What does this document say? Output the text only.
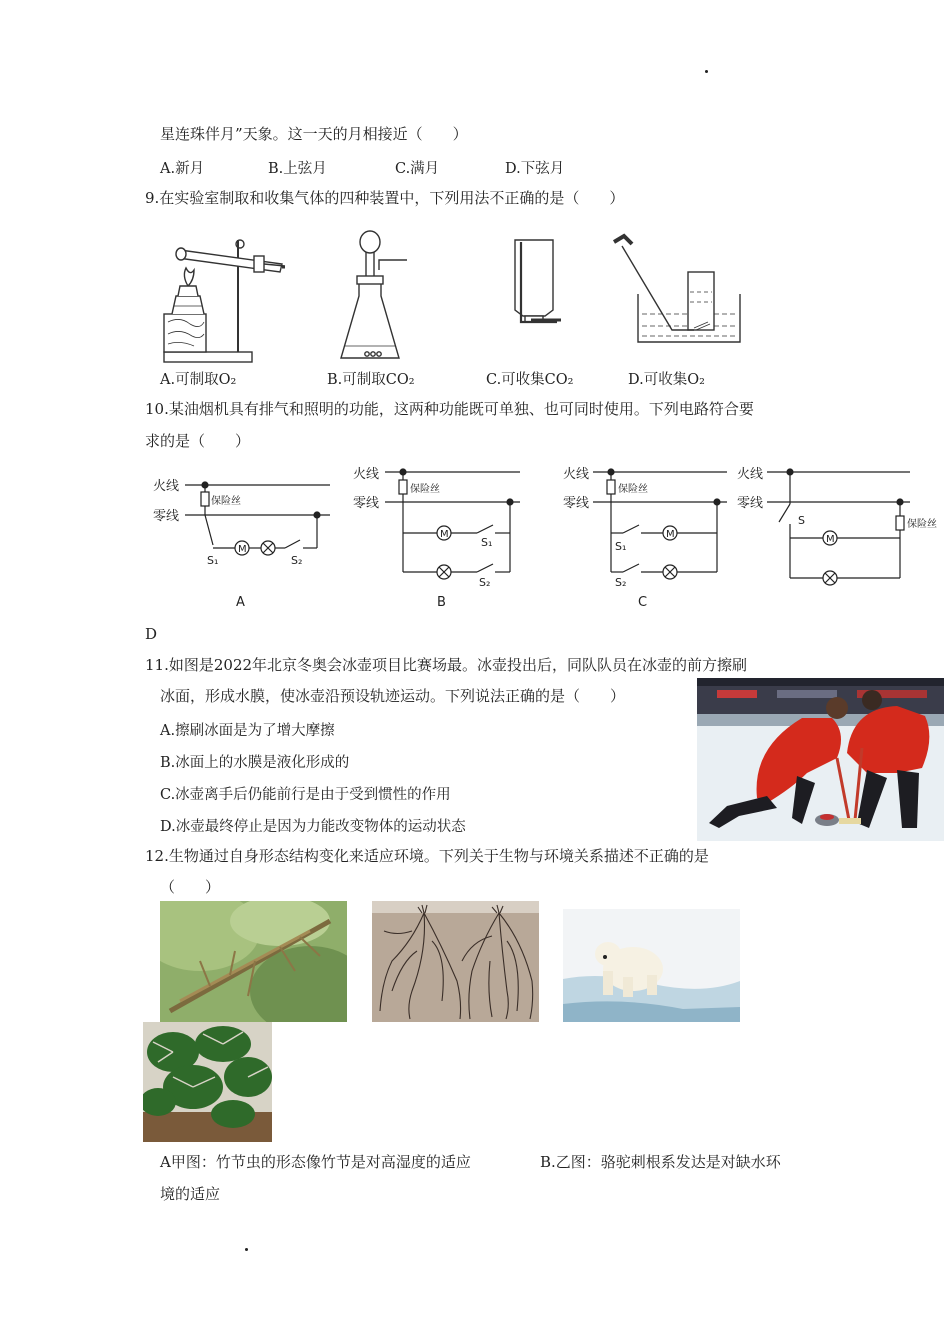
星连珠伴月”天象。这一天的月相接近（　　）
A.新月	B.上弦月	C.满月	D.下弦月
9.在实验室制取和收集气体的四种装置中，下列用法不正确的是（　　）
A.可制取O₂	B.可制取CO₂	C.可收集CO₂	D.可收集O₂
10.某油烟机具有排气和照明的功能，这两种功能既可单独、也可同时使用。下列电路符合要
求的是（　　）
火线
零线
保险丝
M
S₁	S₂
A
火线
零线
保险丝
M
S₁
S₂
B
火线
零线
保险丝
M
S₁
S₂
C
火线
零线
S
M
保险丝
D
11.如图是2022年北京冬奥会冰壶项目比赛场最。冰壶投出后，同队队员在冰壶的前方擦刷
冰面，形成水膜，使冰壶沿预设轨迹运动。下列说法正确的是（　　）
A.擦刷冰面是为了增大摩擦
B.冰面上的水膜是液化形成的
C.冰壶离手后仍能前行是由于受到惯性的作用
D.冰壶最终停止是因为力能改变物体的运动状态
12.生物通过自身形态结构变化来适应环境。下列关于生物与环境关系描述不正确的是
（　　）
A甲图：竹节虫的形态像竹节是对高湿度的适应	B.乙图：骆驼刺根系发达是对缺水环
境的适应
